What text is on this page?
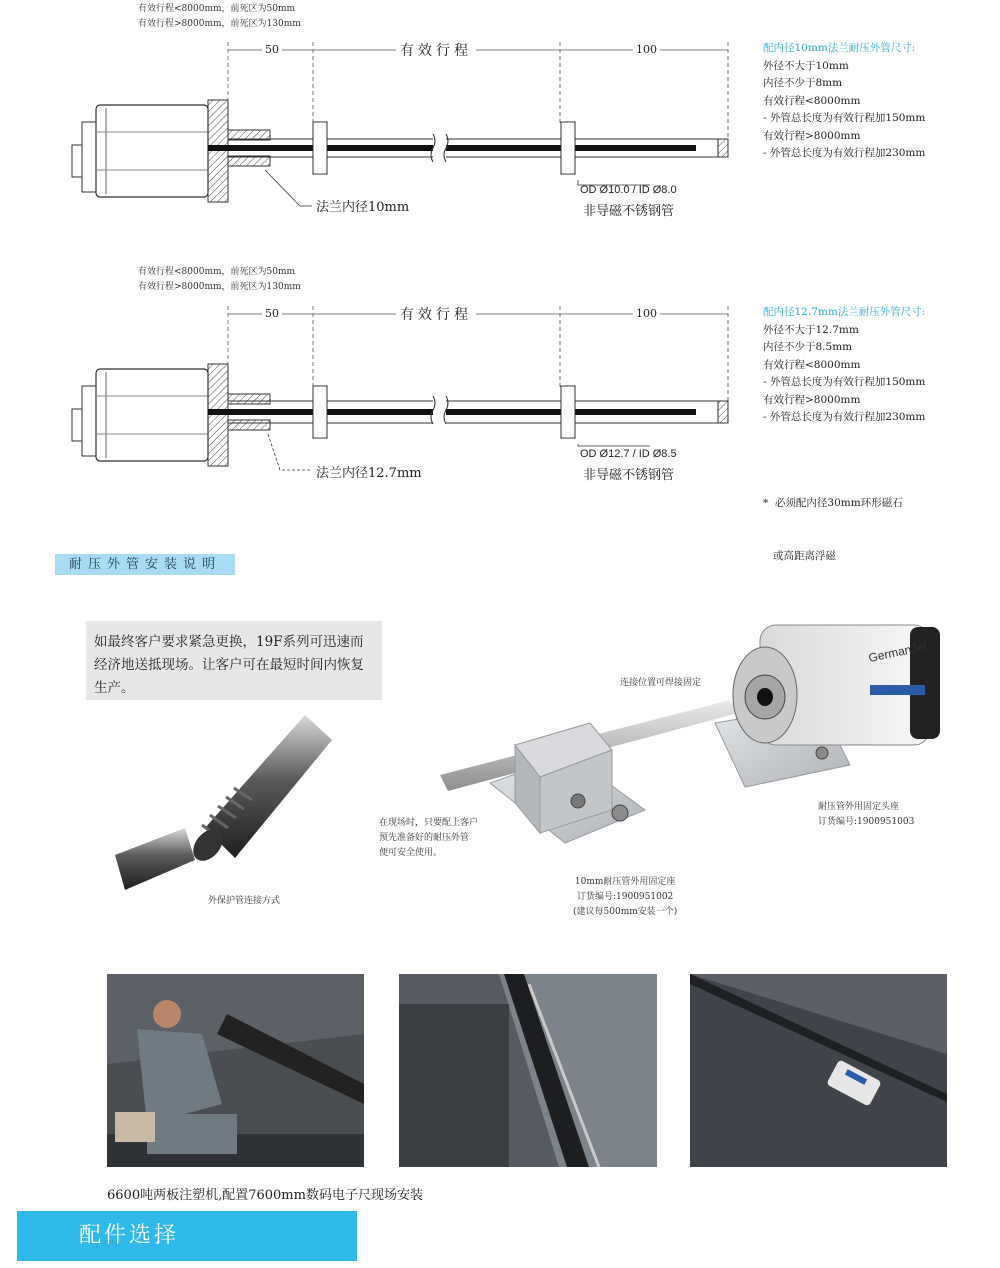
有效行程<8000mm，前死区为50mm
有效行程>8000mm，前死区为130mm
50	有效行程	100
法兰内径10mm
OD Ø10.0 / ID Ø8.0
非导磁不锈钢管
配内径10mm法兰耐压外管尺寸:
外径不大于10mm
内径不少于8mm
有效行程<8000mm
- 外管总长度为有效行程加150mm
有效行程>8000mm
- 外管总长度为有效行程加230mm
有效行程<8000mm，前死区为50mm
有效行程>8000mm，前死区为130mm
50	有效行程	100
法兰内径12.7mm
OD Ø12.7 / ID Ø8.5
非导磁不锈钢管
配内径12.7mm法兰耐压外管尺寸:
外径不大于12.7mm
内径不少于8.5mm
有效行程<8000mm
- 外管总长度为有效行程加150mm
有效行程>8000mm
- 外管总长度为有效行程加230mm

*  必须配内径30mm环形磁石

或高距离浮磁

耐压外管安装说明
如最终客户要求紧急更换，19F系列可迅速而经济地送抵现场。让客户可在最短时间内恢复生产。
GermanJet
连接位置可焊接固定
耐压管外用固定头座
订货编号:1900951003
在现场时，只要配上客户
预先准备好的耐压外管
便可安全使用。
10mm耐压管外用固定座
订货编号:1900951002
(建议每500mm安装一个)
外保护管连接方式
6600吨两板注塑机,配置7600mm数码电子尺现场安装
配件选择
